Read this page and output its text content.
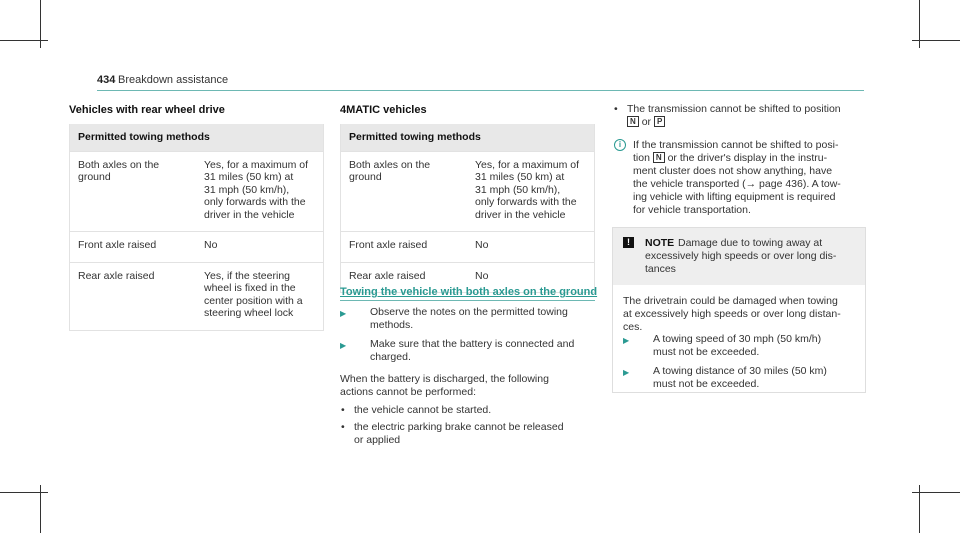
434 Breakdown assistance
Vehicles with rear wheel drive
Permitted towing methods	
Both axles on the
ground	Yes, for a maximum of
31 miles (50 km) at
31 mph (50 km/h),
only forwards with the
driver in the vehicle
Front axle raised	No
Rear axle raised	Yes, if the steering
wheel is fixed in the
center position with a
steering wheel lock
4MATIC vehicles
Permitted towing methods	
Both axles on the
ground	Yes, for a maximum of
31 miles (50 km) at
31 mph (50 km/h),
only forwards with the
driver in the vehicle
Front axle raised	No
Rear axle raised	No
Towing the vehicle with both axles on the ground
▶ Observe the notes on the permitted towing
methods.
▶ Make sure that the battery is connected and
charged.
When the battery is discharged, the following
actions cannot be performed:
• the vehicle cannot be started.
• the electric parking brake cannot be released
or applied
• The transmission cannot be shifted to position
N or P
i	If the transmission cannot be shifted to posi-
tion N or the driver's display in the instru-
ment cluster does not show anything, have
the vehicle transported (→ page 436). A tow-
ing vehicle with lifting equipment is required
for vehicle transportation.
!	NOTE Damage due to towing away at
excessively high speeds or over long dis-
tances
The drivetrain could be damaged when towing
at excessively high speeds or over long distan-
ces.
▶ A towing speed of 30 mph (50 km/h)
must not be exceeded.
▶ A towing distance of 30 miles (50 km)
must not be exceeded.
